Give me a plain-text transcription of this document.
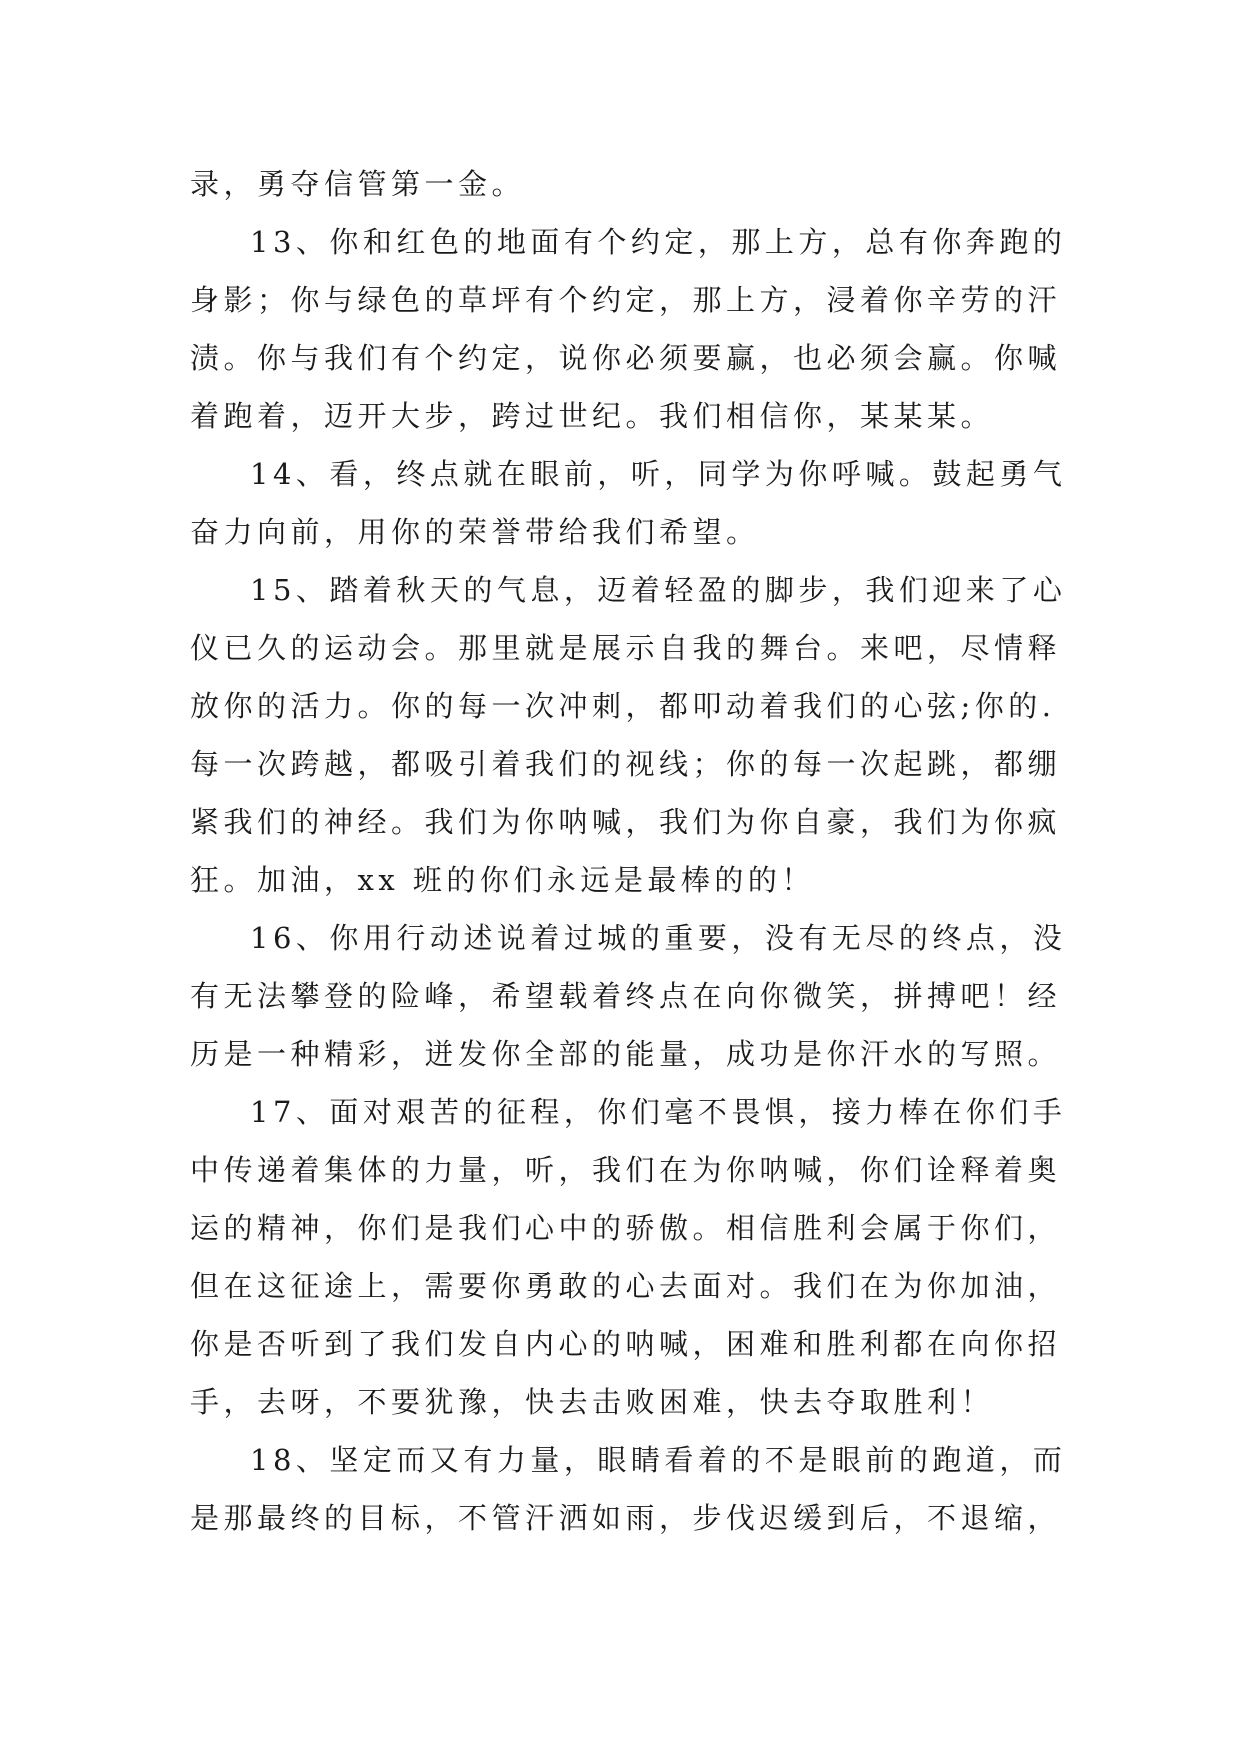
录，勇夺信管第一金。
13、你和红色的地面有个约定，那上方，总有你奔跑的
身影；你与绿色的草坪有个约定，那上方，浸着你辛劳的汗
渍。你与我们有个约定，说你必须要赢，也必须会赢。你喊
着跑着，迈开大步，跨过世纪。我们相信你，某某某。
14、看，终点就在眼前，听，同学为你呼喊。鼓起勇气
奋力向前，用你的荣誉带给我们希望。
15、踏着秋天的气息，迈着轻盈的脚步，我们迎来了心
仪已久的运动会。那里就是展示自我的舞台。来吧，尽情释
放你的活力。你的每一次冲刺，都叩动着我们的心弦;你的.
每一次跨越，都吸引着我们的视线；你的每一次起跳，都绷
紧我们的神经。我们为你呐喊，我们为你自豪，我们为你疯
狂。加油，xx 班的你们永远是最棒的的！
16、你用行动述说着过城的重要，没有无尽的终点，没
有无法攀登的险峰，希望载着终点在向你微笑，拼搏吧！经
历是一种精彩，迸发你全部的能量，成功是你汗水的写照。
17、面对艰苦的征程，你们毫不畏惧，接力棒在你们手
中传递着集体的力量，听，我们在为你呐喊，你们诠释着奥
运的精神，你们是我们心中的骄傲。相信胜利会属于你们，
但在这征途上，需要你勇敢的心去面对。我们在为你加油，
你是否听到了我们发自内心的呐喊，困难和胜利都在向你招
手，去呀，不要犹豫，快去击败困难，快去夺取胜利！
18、坚定而又有力量，眼睛看着的不是眼前的跑道，而
是那最终的目标，不管汗洒如雨，步伐迟缓到后，不退缩，
